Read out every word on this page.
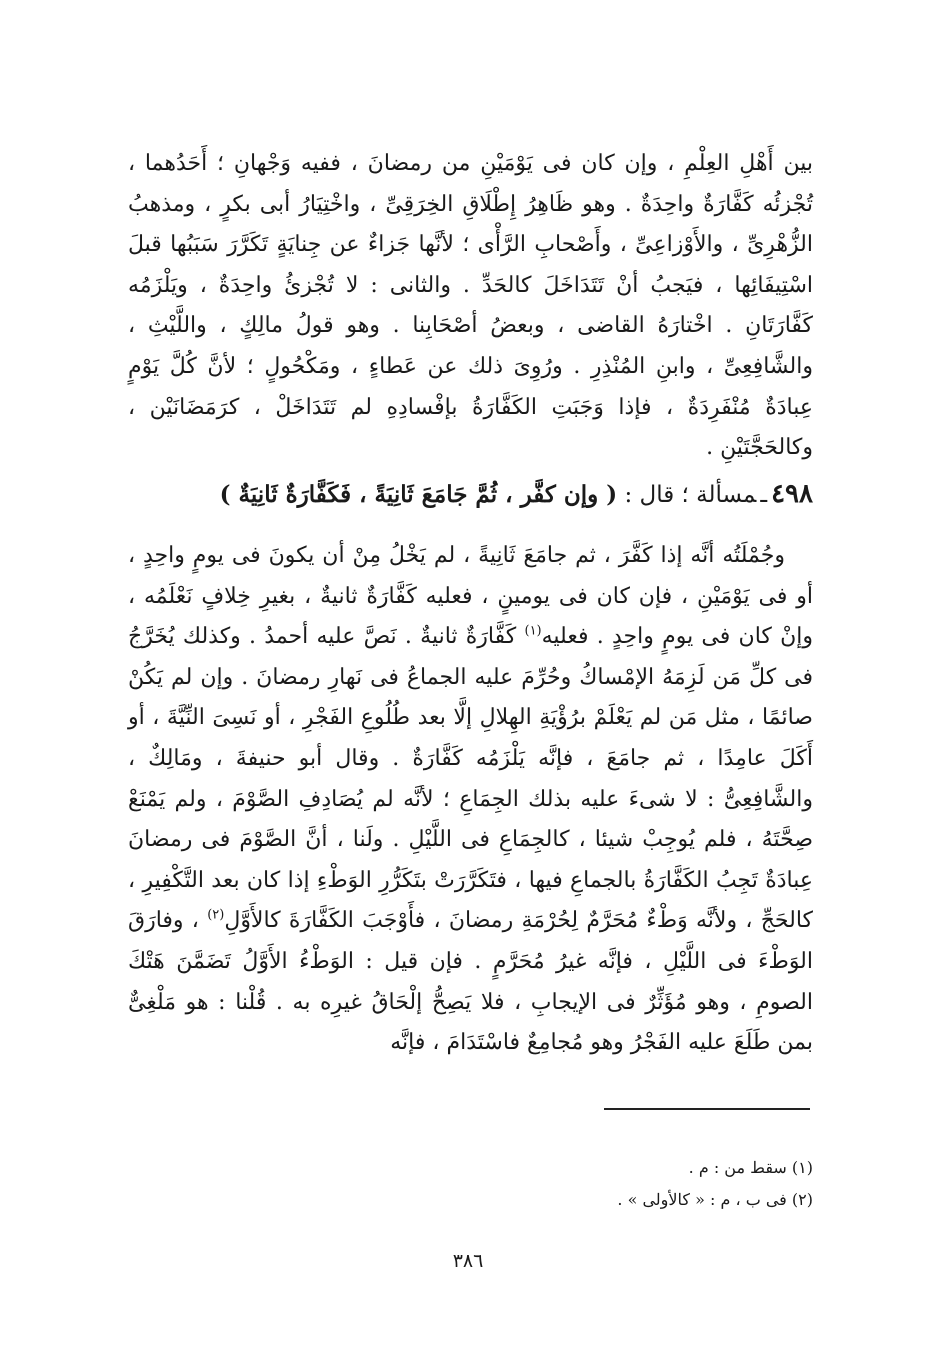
بين أَهْلِ العِلْمِ ، وإن كان فى يَوْمَيْنِ من رمضانَ ، ففيه وَجْهانِ ؛ أَحَدُهما ، تُجْزئُه كَفَّارَةٌ واحِدَةٌ . وهو ظَاهِرُ إِطْلَاقِ الخِرَقِىِّ ، واخْتِيَارُ أبى بكرٍ ، ومذهبُ الزُّهْرِىِّ ، والأَوْزاعِىِّ ، وأَصْحابِ الرَّأْى ؛ لأنَّها جَزاءٌ عن جِنايَةٍ تَكَرَّرَ سَبَبُها قبلَ اسْتِيفَائِها ، فيَجبُ أنْ تَتَدَاخَلَ كالحَدِّ . والثانى : لا تُجْزئُ واحِدَةٌ ، ويَلْزَمُه كَفَّارَتَانِ . اخْتارَهُ القاضى ، وبعضُ أصْحَابِنا . وهو قولُ مالِكٍ ، واللَّيْثِ ، والشَّافِعِىِّ ، وابنِ المُنْذِرِ . ورُوِىَ ذلك عن عَطاءٍ ، ومَكْحُولٍ ؛ لأنَّ كُلَّ يَوْمٍ عِبادَةٌ مُنْفَرِدَةٌ ، فإذا وَجَبَتِ الكَفَّارَةُ بإفْسادِهِ لم تَتَدَاخَلْ ، كرَمَضَانَيْن ، وكالحَجَّتَيْنِ .
٤٩٨ـمسألة ؛ قال : ( وإن كفَّر ، ثُمَّ جَامَعَ ثَانِيَةً ، فَكَفَّارَةٌ ثَانِيَةٌ )
وجُمْلَتُه أنَّه إذا كَفَّرَ ، ثم جامَعَ ثَانِيةً ، لم يَخْلُ مِنْ أن يكونَ فى يومٍ واحِدٍ ، أو فى يَوْمَيْنِ ، فإن كان فى يومينٍ ، فعليه كَفَّارَةٌ ثانيةٌ ، بغيرِ خِلافٍ نَعْلَمُه ، وإنْ كان فى يومٍ واحِدٍ . فعليه$^{(١)}$ كَفَّارَةٌ ثانيةٌ . نَصَّ عليه أحمدُ . وكذلك يُخَرَّجُ فى كلِّ مَن لَزِمَهُ الإمْساكُ وحُرِّمَ عليه الجماعُ فى نَهارِ رمضانَ . وإن لم يَكُنْ صائمًا ، مثل مَن لم يَعْلَمْ برُؤْيَةِ الهِلالِ إلَّا بعد طُلُوعِ الفَجْرِ ، أو نَسِىَ النِّيَّةَ ، أو أَكَلَ عامِدًا ، ثم جامَعَ ، فإنَّه يَلْزَمُه كَفَّارَةٌ . وقال أبو حنيفةَ ، ومَالِكٌ ، والشَّافِعِىُّ : لا شىءَ عليه بذلك الجِمَاعِ ؛ لأنَّه لم يُصَادِفِ الصَّوْمَ ، ولم يَمْنَعْ صِحَّتَهُ ، فلم يُوجِبْ شيئا ، كالجِمَاعِ فى اللَّيْلِ . ولَنا ، أنَّ الصَّوْمَ فى رمضانَ عِبادَةٌ تَجِبُ الكَفَّارَةُ بالجماعِ فيها ، فتَكَرَّرَتْ بتَكَرُّرِ الوَطْءِ إذا كان بعد التَّكْفِيرِ ، كالحَجِّ ، ولأنَّه وَطْءٌ مُحَرَّمٌ لِحُرْمَةِ رمضانَ ، فأَوْجَبَ الكَفَّارَةَ كالأَوَّلِ$^{(٢)}$ ، وفارَقَ الوَطْءَ فى اللَّيْلِ ، فإنَّه غيرُ مُحَرَّمٍ . فإن قيل : الوَطْءُ الأَوَّلُ تَضَمَّنَ هَتْكَ الصومِ ، وهو مُؤَثِّرٌ فى الإيجابِ ، فلا يَصِحُّ إلْحَاقُ غيرِه به . قُلْنا : هو مَلْغِىٌّ بمن طَلَعَ عليه الفَجْرُ وهو مُجامِعٌ فاسْتَدَامَ ، فإنَّه
(١) سقط من : م .
(٢) فى ب ، م : « كالأولى » .
٣٨٦
